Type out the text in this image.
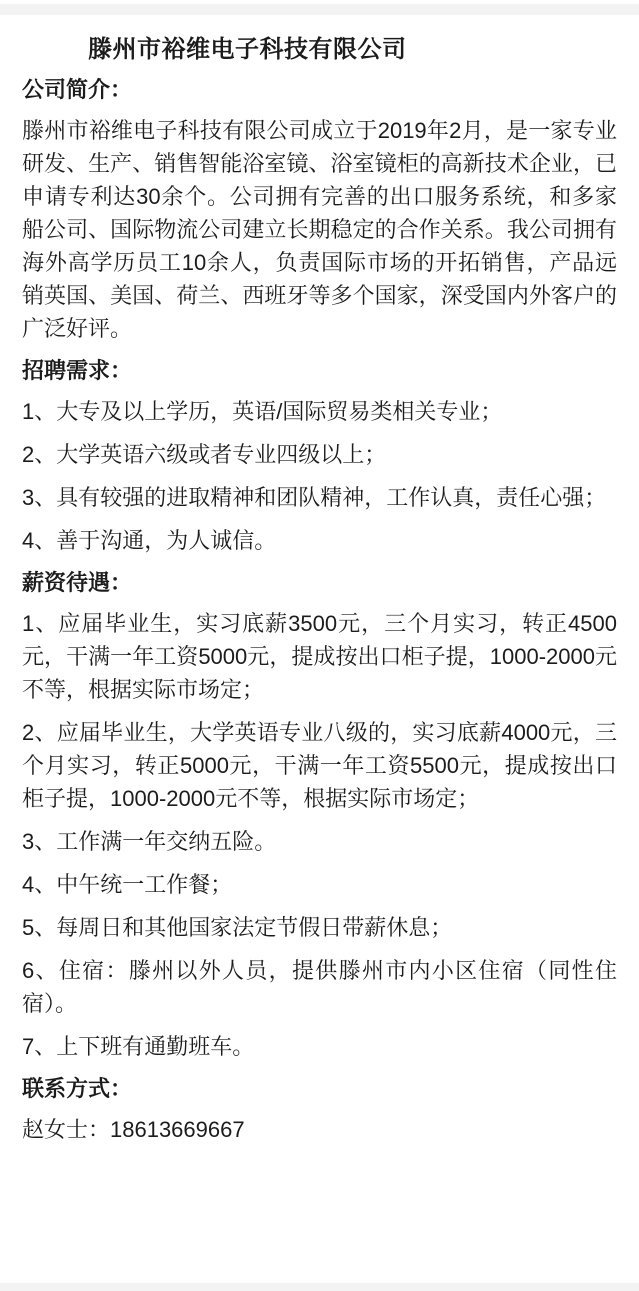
滕州市裕维电子科技有限公司
公司简介：

滕州市裕维电子科技有限公司成立于2019年2月，是一家专业研发、生产、销售智能浴室镜、浴室镜柜的高新技术企业，已申请专利达30余个。公司拥有完善的出口服务系统，和多家船公司、国际物流公司建立长期稳定的合作关系。我公司拥有海外高学历员工10余人，负责国际市场的开拓销售，产品远销英国、美国、荷兰、西班牙等多个国家，深受国内外客户的广泛好评。

招聘需求：

1、大专及以上学历，英语/国际贸易类相关专业；

2、大学英语六级或者专业四级以上；

3、具有较强的进取精神和团队精神，工作认真，责任心强；

4、善于沟通，为人诚信。

薪资待遇：

1、应届毕业生，实习底薪3500元，三个月实习，转正4500元，干满一年工资5000元，提成按出口柜子提，1000-2000元不等，根据实际市场定；

2、应届毕业生，大学英语专业八级的，实习底薪4000元，三个月实习，转正5000元，干满一年工资5500元，提成按出口柜子提，1000-2000元不等，根据实际市场定；

3、工作满一年交纳五险。

4、中午统一工作餐；

5、每周日和其他国家法定节假日带薪休息；

6、住宿：滕州以外人员，提供滕州市内小区住宿（同性住宿）。

7、上下班有通勤班车。

联系方式：

赵女士：18613669667
